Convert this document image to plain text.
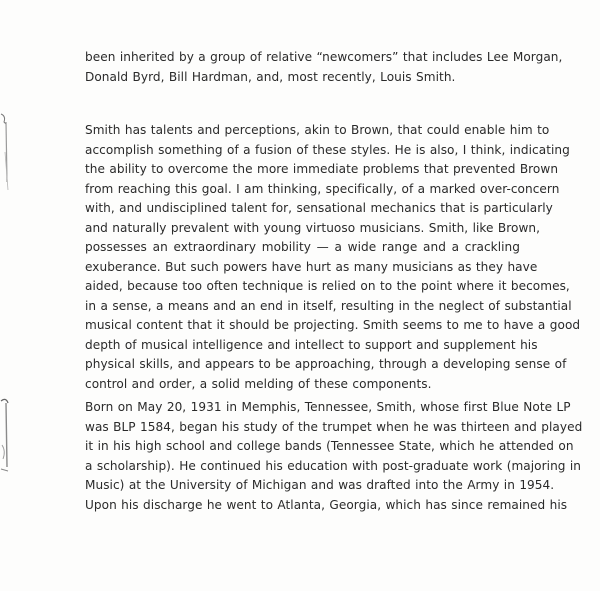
been inherited by a group of relative “newcomers” that includes Lee Morgan,
Donald Byrd, Bill Hardman, and, most recently, Louis Smith.
Smith has talents and perceptions, akin to Brown, that could enable him to
accomplish something of a fusion of these styles. He is also, I think, indicating
the ability to overcome the more immediate problems that prevented Brown
from reaching this goal. I am thinking, specifically, of a marked over-concern
with, and undisciplined talent for, sensational mechanics that is particularly
and naturally prevalent with young virtuoso musicians. Smith, like Brown,
possesses an extraordinary mobility — a wide range and a crackling
exuberance. But such powers have hurt as many musicians as they have
aided, because too often technique is relied on to the point where it becomes,
in a sense, a means and an end in itself, resulting in the neglect of substantial
musical content that it should be projecting. Smith seems to me to have a good
depth of musical intelligence and intellect to support and supplement his
physical skills, and appears to be approaching, through a developing sense of
control and order, a solid melding of these components.
Born on May 20, 1931 in Memphis, Tennessee, Smith, whose first Blue Note LP
was BLP 1584, began his study of the trumpet when he was thirteen and played
it in his high school and college bands (Tennessee State, which he attended on
a scholarship). He continued his education with post-graduate work (majoring in
Music) at the University of Michigan and was drafted into the Army in 1954.
Upon his discharge he went to Atlanta, Georgia, which has since remained his
